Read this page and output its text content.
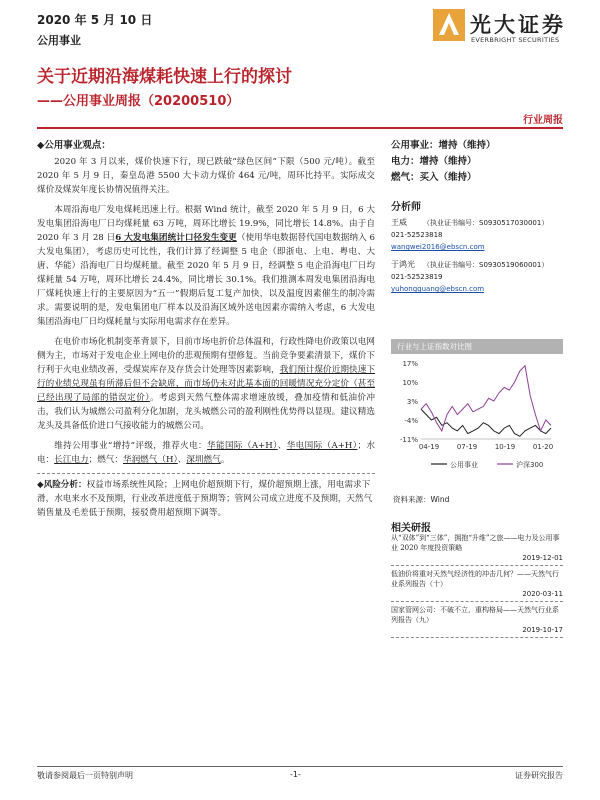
2020 年 5 月 10 日
公用事业
光大证券
EVERBRIGHT SECURITIES
关于近期沿海煤耗快速上行的探讨
——公用事业周报（20200510）
行业周报
◆公用事业观点：

2020 年 3 月以来，煤价快速下行，现已跌破“绿色区间”下限（500 元/吨）。截至 2020 年 5 月 9 日，秦皇岛港 5500 大卡动力煤价 464 元/吨，周环比持平。实际成交煤价及煤炭年度长协情况值得关注。

本周沿海电厂发电煤耗迅速上行。根据 Wind 统计，截至 2020 年 5 月 9 日，6 大发电集团沿海电厂日均煤耗量 63 万吨，周环比增长 19.9%，同比增长 14.8%。由于自 2020 年 3 月 28 日6 大发电集团统计口径发生变更（使用华电数据替代国电数据纳入 6 大发电集团），考虑历史可比性，我们计算了经调整 5 电企（即浙电、上电、粤电、大唐、华能）沿海电厂日均煤耗量。截至 2020 年 5 月 9 日，经调整 5 电企沿海电厂日均煤耗量 54 万吨，周环比增长 24.4%，同比增长 30.1%。我们推测本周发电集团沿海电厂煤耗快速上行的主要原因为“五一”假期后复工复产加快，以及温度因素催生的制冷需求。需要说明的是，发电集团电厂样本以及沿海区域外送电因素亦需纳入考虑，6 大发电集团沿海电厂日均煤耗量与实际用电需求存在差异。

在电价市场化机制变革背景下，目前市场电折价总体温和，行政性降电价政策以电网侧为主，市场对于发电企业上网电价的悲观预期有望修复。当前竞争要素清景下，煤价下行利于火电业绩改善，受煤炭库存及存货会计处理等因素影响，我们预计煤价近期快速下行的业绩兑现虽有所滞后但不会缺席，而市场仍未对此基本面的回暖情况充分定价（甚至已经出现了局部的错误定价）。考虑到天然气整体需求增速放缓，叠加疫情和低油价冲击，我们认为城燃公司盈利分化加剧，龙头城燃公司的盈利刚性优势得以显现。建议精选龙头及具备低价进口气接收能力的城燃公司。

维持公用事业“增持”评级，推荐火电：华能国际（A+H）、华电国际（A+H）；水电：长江电力；燃气：华润燃气（H）、深圳燃气。

◆风险分析：权益市场系统性风险；上网电价超预期下行，煤价超预期上涨，用电需求下滑，水电来水不及预期，行业改革进度低于预期等；管网公司成立进度不及预期，天然气销售量及毛差低于预期，接驳费用超预期下调等。
公用事业：增持（维持）
电力：增持（维持）
燃气：买入（维持）
分析师
王威 （执业证书编号：S0930517030001）
021-52523818
wangwei2016@ebscn.com
于鸿光 （执业证书编号：S0930519060001）
021-52523819
yuhongguang@ebscn.com
行业与上证指数对比图
17%
10%
3%
-4%
-11%
04-19	07-19	10-19	01-20
公用事业	沪深300
资料来源：Wind
相关研报
从“双体”到“三体”，拥抱“升维”之旅——电力及公用事业 2020 年度投资策略
2019-12-01
低油价将重对天然气经济性的冲击几何？——天然气行业系列报告（十）
2020-03-11
国家管网公司：不破不立，重构格局——天然气行业系列报告（九）
2019-10-17
敬请参阅最后一页特别声明	-1-	证券研究报告
